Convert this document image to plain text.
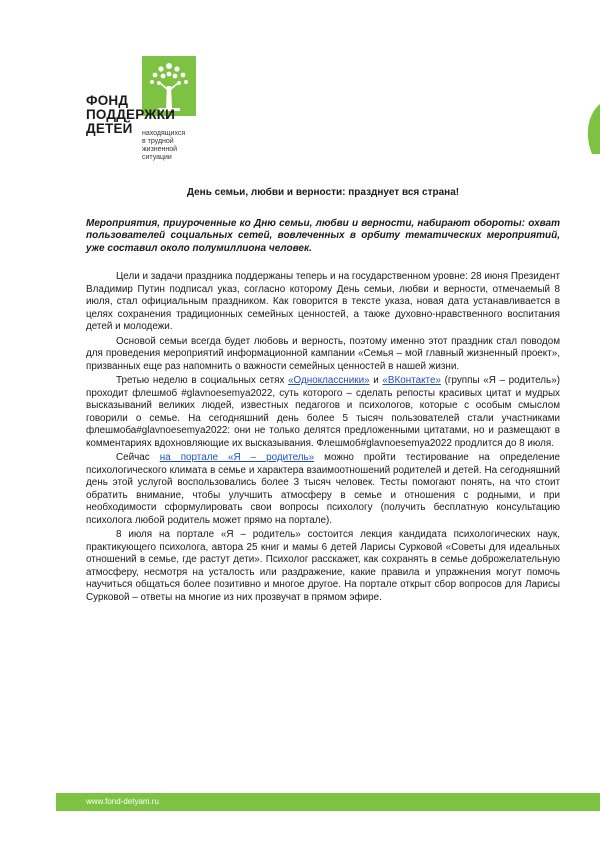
ФОНД
ПОДДЕРЖКИ
ДЕТЕЙ	находящихся
в трудной
жизненной
ситуации

День семьи, любви и верности: празднует вся страна!

Мероприятия, приуроченные ко Дню семьи, любви и верности, набирают обороты: охват пользователей социальных сетей, вовлеченных в орбиту тематических мероприятий, уже составил около полумиллиона человек.

Цели и задачи праздника поддержаны теперь и на государственном уровне: 28 июня Президент Владимир Путин подписал указ, согласно которому День семьи, любви и верности, отмечаемый 8 июля, стал официальным праздником. Как говорится в тексте указа, новая дата устанавливается в целях сохранения традиционных семейных ценностей, а также духовно-нравственного воспитания детей и молодежи.

Основой семьи всегда будет любовь и верность, поэтому именно этот праздник стал поводом для проведения мероприятий информационной кампании «Семья – мой главный жизненный проект», призванных еще раз напомнить о важности семейных ценностей в нашей жизни.

Третью неделю в социальных сетях «Одноклассники» и «ВКонтакте» (группы «Я – родитель») проходит флешмоб #glavnoesemya2022, суть которого – сделать репосты красивых цитат и мудрых высказываний великих людей, известных педагогов и психологов, которые с особым смыслом говорили о семье. На сегодняшний день более 5 тысяч пользователей стали участниками флешмоба#glavnoesemya2022: они не только делятся предложенными цитатами, но и размещают в комментариях вдохновляющие их высказывания. Флешмоб#glavnoesemya2022 продлится до 8 июля.

Сейчас на портале «Я – родитель» можно пройти тестирование на определение психологического климата в семье и характера взаимоотношений родителей и детей. На сегодняшний день этой услугой воспользовались более 3 тысяч человек. Тесты помогают понять, на что стоит обратить внимание, чтобы улучшить атмосферу в семье и отношения с родными, и при необходимости сформулировать свои вопросы психологу (получить бесплатную консультацию психолога любой родитель может прямо на портале).

8 июля на портале «Я – родитель» состоится лекция кандидата психологических наук, практикующего психолога, автора 25 книг и мамы 6 детей Ларисы Сурковой «Советы для идеальных отношений в семье, где растут дети». Психолог расскажет, как сохранять в семье доброжелательную атмосферу, несмотря на усталость или раздражение, какие правила и упражнения могут помочь научиться общаться более позитивно и многое другое. На портале открыт сбор вопросов для Ларисы Сурковой – ответы на многие из них прозвучат в прямом эфире.

www.fond-detyam.ru
